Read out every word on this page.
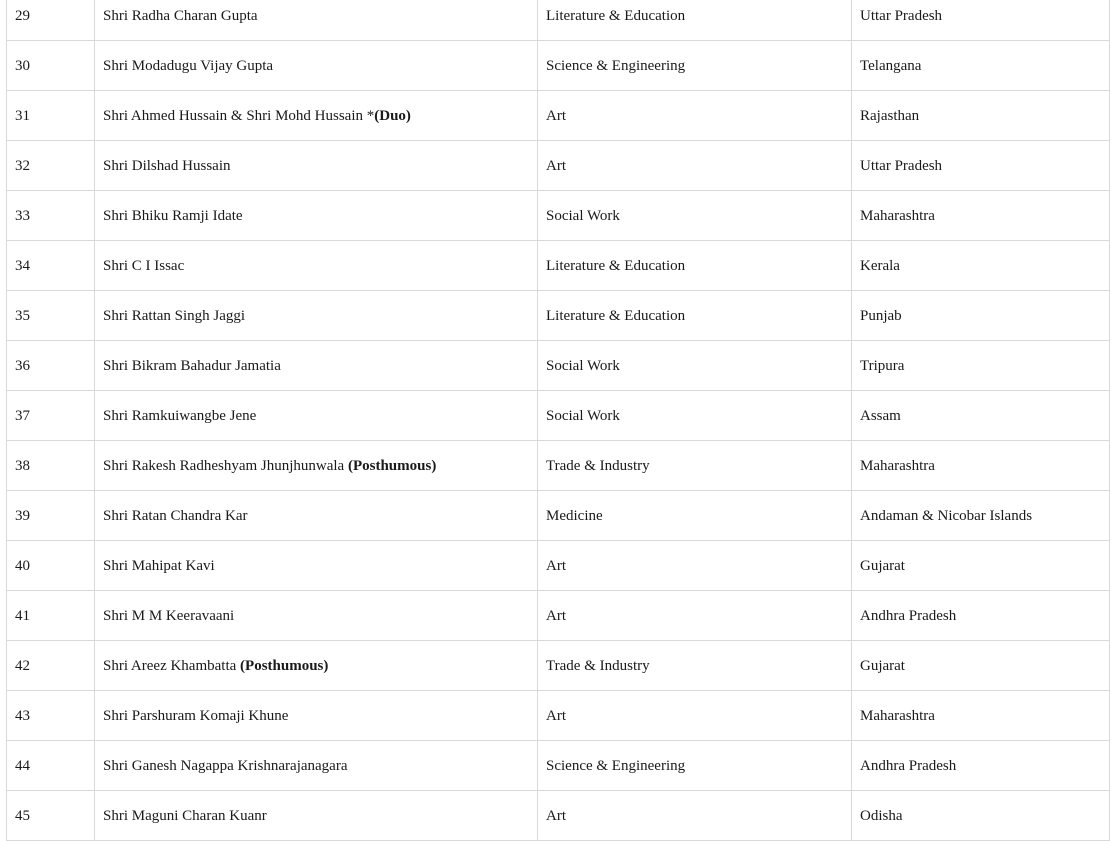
29	Shri Radha Charan Gupta	Literature & Education	Uttar Pradesh
30	Shri Modadugu Vijay Gupta	Science & Engineering	Telangana
31	Shri Ahmed Hussain & Shri Mohd Hussain *(Duo)	Art	Rajasthan
32	Shri Dilshad Hussain	Art	Uttar Pradesh
33	Shri Bhiku Ramji Idate	Social Work	Maharashtra
34	Shri C I Issac	Literature & Education	Kerala
35	Shri Rattan Singh Jaggi	Literature & Education	Punjab
36	Shri Bikram Bahadur Jamatia	Social Work	Tripura
37	Shri Ramkuiwangbe Jene	Social Work	Assam
38	Shri Rakesh Radheshyam Jhunjhunwala (Posthumous)	Trade & Industry	Maharashtra
39	Shri Ratan Chandra Kar	Medicine	Andaman & Nicobar Islands
40	Shri Mahipat Kavi	Art	Gujarat
41	Shri M M Keeravaani	Art	Andhra Pradesh
42	Shri Areez Khambatta (Posthumous)	Trade & Industry	Gujarat
43	Shri Parshuram Komaji Khune	Art	Maharashtra
44	Shri Ganesh Nagappa Krishnarajanagara	Science & Engineering	Andhra Pradesh
45	Shri Maguni Charan Kuanr	Art	Odisha
